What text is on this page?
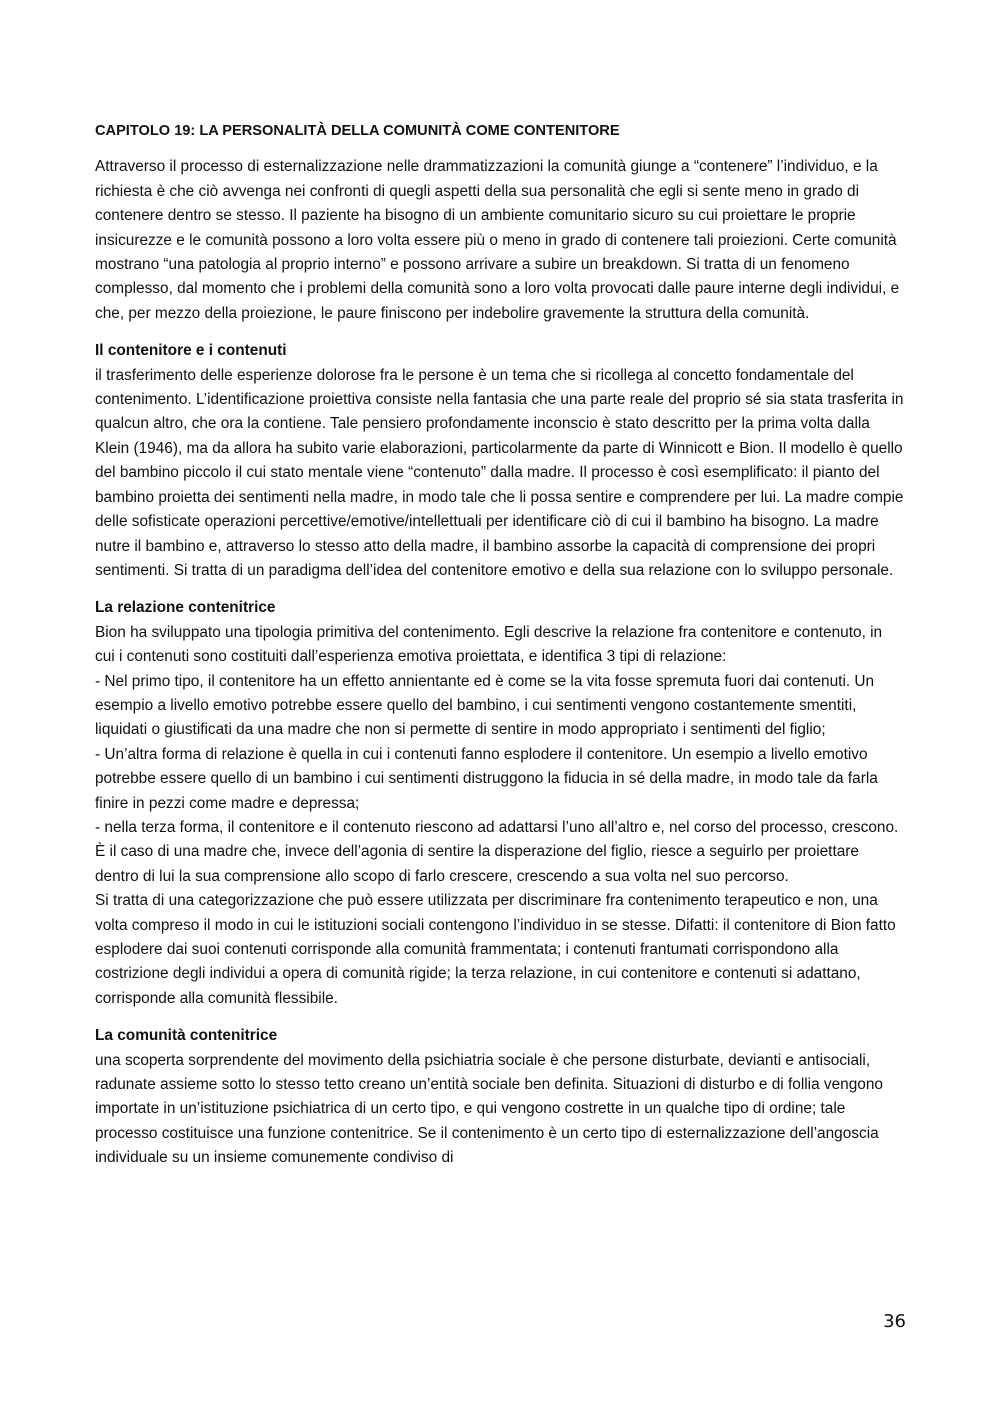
CAPITOLO 19: LA PERSONALITÀ DELLA COMUNITÀ COME CONTENITORE

Attraverso il processo di esternalizzazione nelle drammatizzazioni la comunità giunge a “contenere” l’individuo, e la richiesta è che ciò avvenga nei confronti di quegli aspetti della sua personalità che egli si sente meno in grado di contenere dentro se stesso. Il paziente ha bisogno di un ambiente comunitario sicuro su cui proiettare le proprie insicurezze e le comunità possono a loro volta essere più o meno in grado di contenere tali proiezioni. Certe comunità mostrano “una patologia al proprio interno” e possono arrivare a subire un breakdown. Si tratta di un fenomeno complesso, dal momento che i problemi della comunità sono a loro volta provocati dalle paure interne degli individui, e che, per mezzo della proiezione, le paure finiscono per indebolire gravemente la struttura della comunità.

Il contenitore e i contenuti
il trasferimento delle esperienze dolorose fra le persone è un tema che si ricollega al concetto fondamentale del contenimento. L’identificazione proiettiva consiste nella fantasia che una parte reale del proprio sé sia stata trasferita in qualcun altro, che ora la contiene. Tale pensiero profondamente inconscio è stato descritto per la prima volta dalla Klein (1946), ma da allora ha subito varie elaborazioni, particolarmente da parte di Winnicott e Bion. Il modello è quello del bambino piccolo il cui stato mentale viene “contenuto” dalla madre. Il processo è così esemplificato: il pianto del bambino proietta dei sentimenti nella madre, in modo tale che li possa sentire e comprendere per lui. La madre compie delle sofisticate operazioni percettive/emotive/intellettuali per identificare ciò di cui il bambino ha bisogno. La madre nutre il bambino e, attraverso lo stesso atto della madre, il bambino assorbe la capacità di comprensione dei propri sentimenti. Si tratta di un paradigma dell’idea del contenitore emotivo e della sua relazione con lo sviluppo personale.
La relazione contenitrice
Bion ha sviluppato una tipologia primitiva del contenimento. Egli descrive la relazione fra contenitore e contenuto, in cui i contenuti sono costituiti dall’esperienza emotiva proiettata, e identifica 3 tipi di relazione:
- Nel primo tipo, il contenitore ha un effetto annientante ed è come se la vita fosse spremuta fuori dai contenuti. Un esempio a livello emotivo potrebbe essere quello del bambino, i cui sentimenti vengono costantemente smentiti, liquidati o giustificati da una madre che non si permette di sentire in modo appropriato i sentimenti del figlio;
- Un’altra forma di relazione è quella in cui i contenuti fanno esplodere il contenitore. Un esempio a livello emotivo potrebbe essere quello di un bambino i cui sentimenti distruggono la fiducia in sé della madre, in modo tale da farla finire in pezzi come madre e depressa;
- nella terza forma, il contenitore e il contenuto riescono ad adattarsi l’uno all’altro e, nel corso del processo, crescono. È il caso di una madre che, invece dell’agonia di sentire la disperazione del figlio, riesce a seguirlo per proiettare dentro di lui la sua comprensione allo scopo di farlo crescere, crescendo a sua volta nel suo percorso.
Si tratta di una categorizzazione che può essere utilizzata per discriminare fra contenimento terapeutico e non, una volta compreso il modo in cui le istituzioni sociali contengono l’individuo in se stesse. Difatti: il contenitore di Bion fatto esplodere dai suoi contenuti corrisponde alla comunità frammentata; i contenuti frantumati corrispondono alla costrizione degli individui a opera di comunità rigide; la terza relazione, in cui contenitore e contenuti si adattano, corrisponde alla comunità flessibile.
La comunità contenitrice
una scoperta sorprendente del movimento della psichiatria sociale è che persone disturbate, devianti e antisociali, radunate assieme sotto lo stesso tetto creano un’entità sociale ben definita. Situazioni di disturbo e di follia vengono importate in un’istituzione psichiatrica di un certo tipo, e qui vengono costrette in un qualche tipo di ordine; tale processo costituisce una funzione contenitrice. Se il contenimento è un certo tipo di esternalizzazione dell’angoscia individuale su un insieme comunemente condiviso di
36
